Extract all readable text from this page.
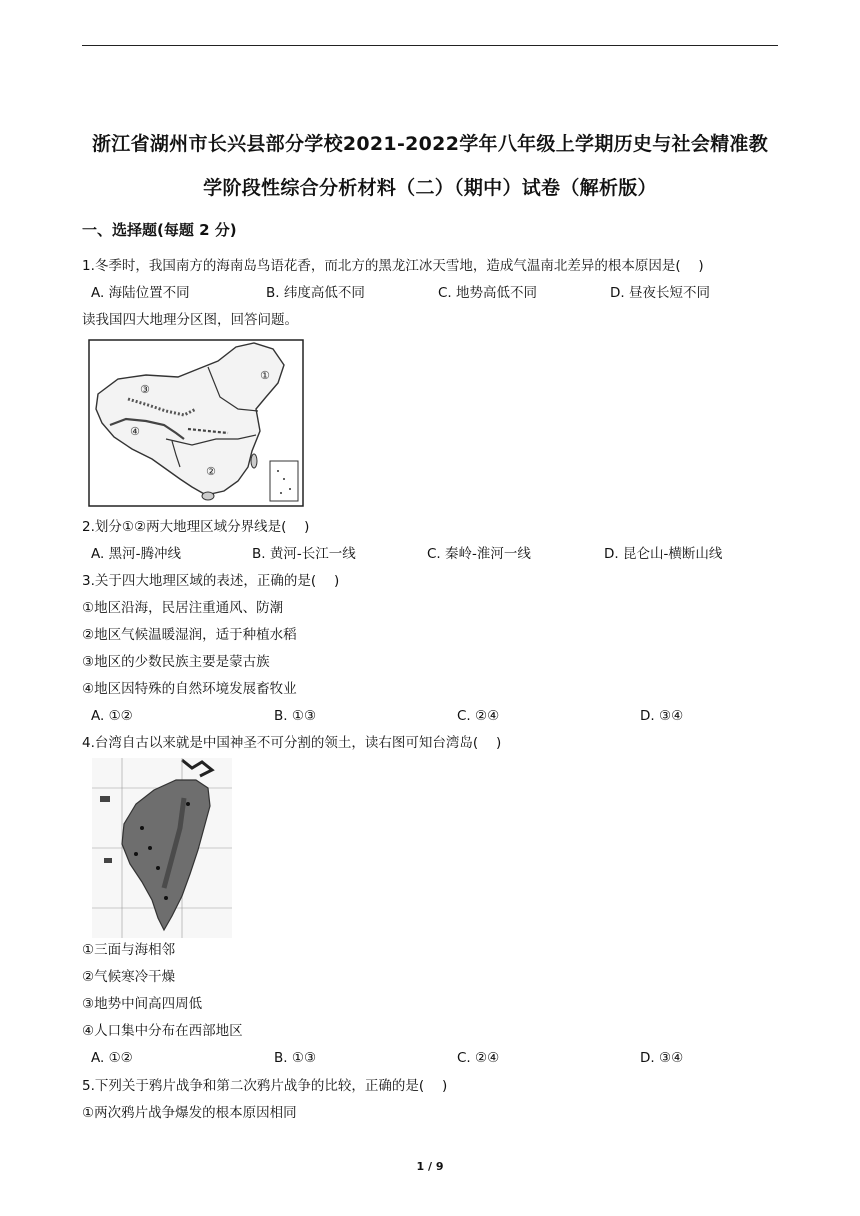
浙江省湖州市长兴县部分学校2021-2022学年八年级上学期历史与社会精准教
学阶段性综合分析材料（二）（期中）试卷（解析版）
一、选择题(每题 2 分)
1.冬季时，我国南方的海南岛鸟语花香，而北方的黑龙江冰天雪地，造成气温南北差异的根本原因是(　 )
A. 海陆位置不同	B. 纬度高低不同	C. 地势高低不同	D. 昼夜长短不同
读我国四大地理分区图，回答问题。
①
②
③
④
2.划分①②两大地理区域分界线是(　 )
A. 黑河-腾冲线	B. 黄河-长江一线	C. 秦岭-淮河一线	D. 昆仑山-横断山线
3.关于四大地理区域的表述，正确的是(　 )
①地区沿海，民居注重通风、防潮
②地区气候温暖湿润，适于种植水稻
③地区的少数民族主要是蒙古族
④地区因特殊的自然环境发展畜牧业
A. ①②	B. ①③	C. ②④	D. ③④
4.台湾自古以来就是中国神圣不可分割的领土，读右图可知台湾岛(　 )
①三面与海相邻
②气候寒冷干燥
③地势中间高四周低
④人口集中分布在西部地区
A. ①②	B. ①③	C. ②④	D. ③④
5.下列关于鸦片战争和第二次鸦片战争的比较，正确的是(　 )
①两次鸦片战争爆发的根本原因相同
1 / 9
